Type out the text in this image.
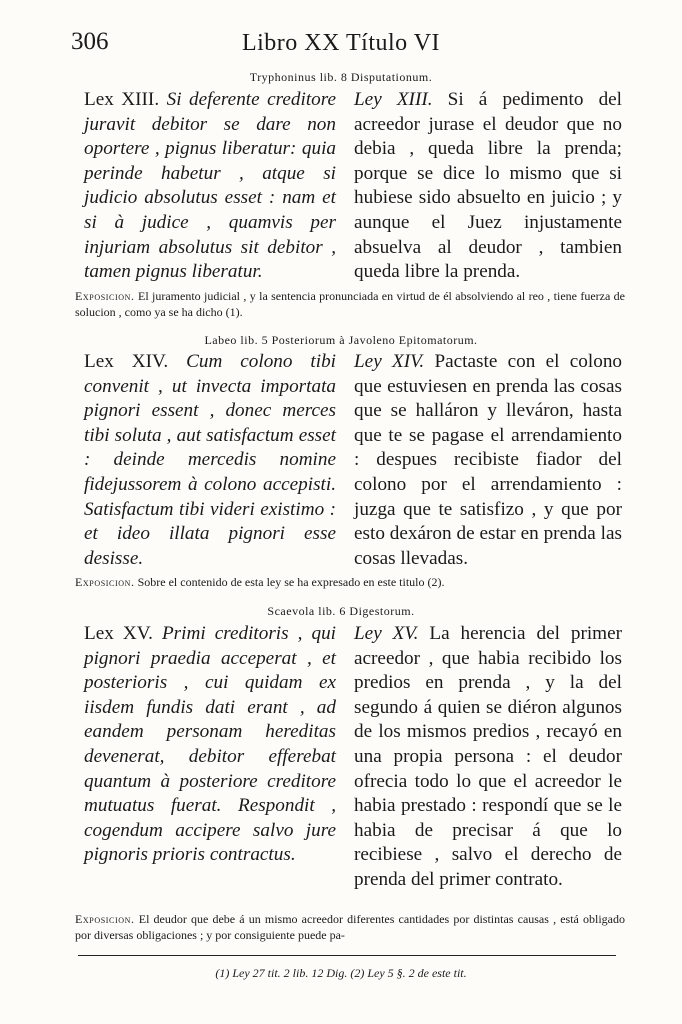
306	Libro XX Título VI
Tryphoninus lib. 8 Disputationum.
Lex XIII. Si deferente creditore juravit debitor se dare non oportere , pignus liberatur: quia perinde habetur , atque si judicio absolutus esset : nam et si à judice , quamvis per injuriam absolutus sit debitor , tamen pignus liberatur.
Ley XIII. Si á pedimento del acreedor jurase el deudor que no debia , queda libre la prenda; porque se dice lo mismo que si hubiese sido absuelto en juicio ; y aunque el Juez injustamente absuelva al deudor , tambien queda libre la prenda.
Exposicion. El juramento judicial , y la sentencia pronunciada en virtud de él absolviendo al reo , tiene fuerza de solucion , como ya se ha dicho (1).
Labeo lib. 5 Posteriorum à Javoleno Epitomatorum.
Lex XIV. Cum colono tibi convenit , ut invecta importata pignori essent , donec merces tibi soluta , aut satisfactum esset : deinde mercedis nomine fidejussorem à colono accepisti. Satisfactum tibi videri existimo : et ideo illata pignori esse desisse.
Ley XIV. Pactaste con el colono que estuviesen en prenda las cosas que se halláron y lleváron, hasta que te se pagase el arrendamiento : despues recibiste fiador del colono por el arrendamiento : juzga que te satisfizo , y que por esto dexáron de estar en prenda las cosas llevadas.
Exposicion. Sobre el contenido de esta ley se ha expresado en este titulo (2).
Scaevola lib. 6 Digestorum.
Lex XV. Primi creditoris , qui pignori praedia acceperat , et posterioris , cui quidam ex iisdem fundis dati erant , ad eandem personam hereditas devenerat, debitor efferebat quantum à posteriore creditore mutuatus fuerat. Respondit , cogendum accipere salvo jure pignoris prioris contractus.
Ley XV. La herencia del primer acreedor , que habia recibido los predios en prenda , y la del segundo á quien se diéron algunos de los mismos predios , recayó en una propia persona : el deudor ofrecia todo lo que el acreedor le habia prestado : respondí que se le habia de precisar á que lo recibiese , salvo el derecho de prenda del primer contrato.
Exposicion. El deudor que debe á un mismo acreedor diferentes cantidades por distintas causas , está obligado por diversas obligaciones ; y por consiguiente puede pa-
(1) Ley 27 tit. 2 lib. 12 Dig. (2) Ley 5 §. 2 de este tit.
